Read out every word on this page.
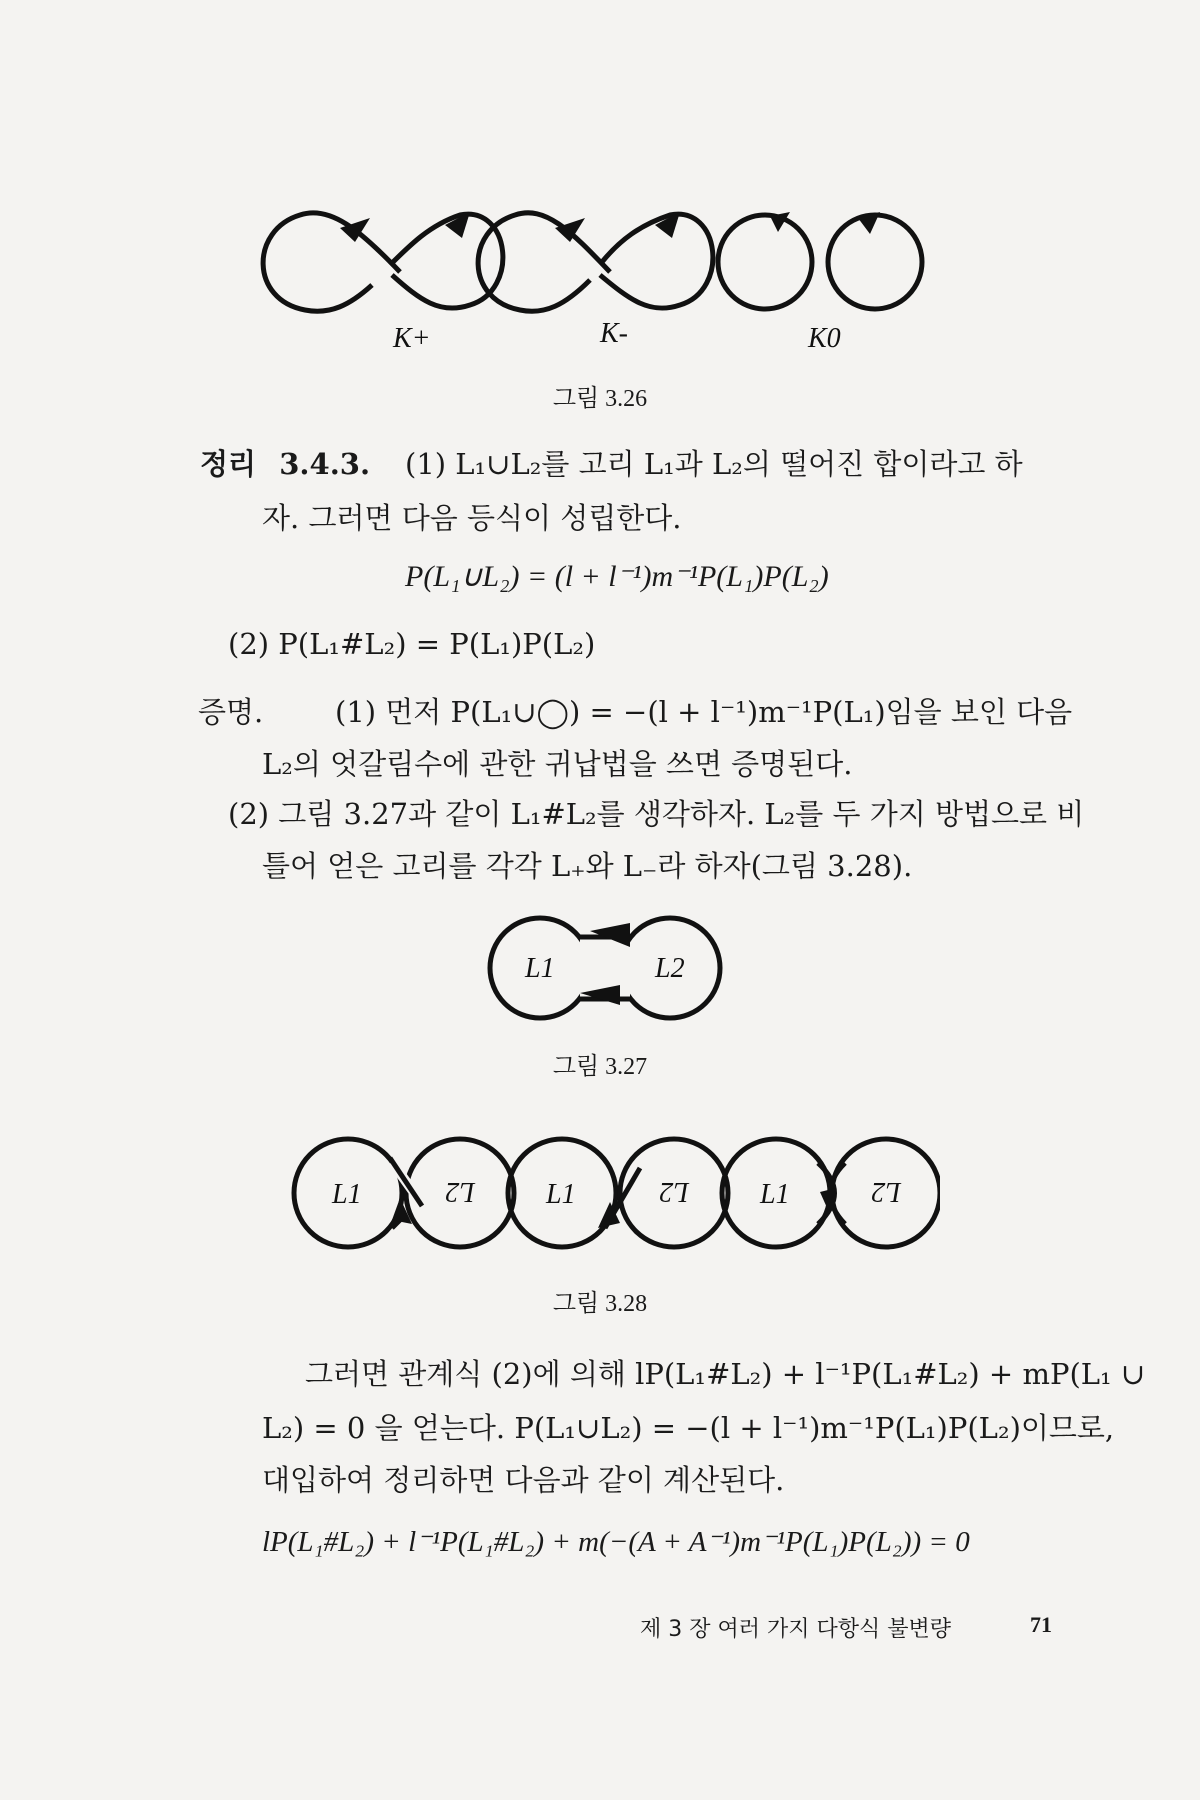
K+	K-	K0
그림 3.26
정리 3.4.3. (1) L₁∪L₂를 고리 L₁과 L₂의 떨어진 합이라고 하
자. 그러면 다음 등식이 성립한다.
P(L₁∪L₂) = (l + l⁻¹)m⁻¹P(L₁)P(L₂)
(2) P(L₁#L₂) = P(L₁)P(L₂)
증명. (1) 먼저 P(L₁∪◯) = −(l + l⁻¹)m⁻¹P(L₁)임을 보인 다음
L₂의 엇갈림수에 관한 귀납법을 쓰면 증명된다.
(2) 그림 3.27과 같이 L₁#L₂를 생각하자. L₂를 두 가지 방법으로 비
틀어 얻은 고리를 각각 L₊와 L₋라 하자(그림 3.28).
L1	L2
그림 3.27
L1	L2	L1	L2	L1	L2
그림 3.28
그러면 관계식 (2)에 의해 lP(L₁#L₂) + l⁻¹P(L₁#L₂) + mP(L₁ ∪
L₂) = 0 을 얻는다. P(L₁∪L₂) = −(l + l⁻¹)m⁻¹P(L₁)P(L₂)이므로,
대입하여 정리하면 다음과 같이 계산된다.
lP(L₁#L₂) + l⁻¹P(L₁#L₂) + m(−(A + A⁻¹)m⁻¹P(L₁)P(L₂)) = 0
제 3 장 여러 가지 다항식 불변량	71
